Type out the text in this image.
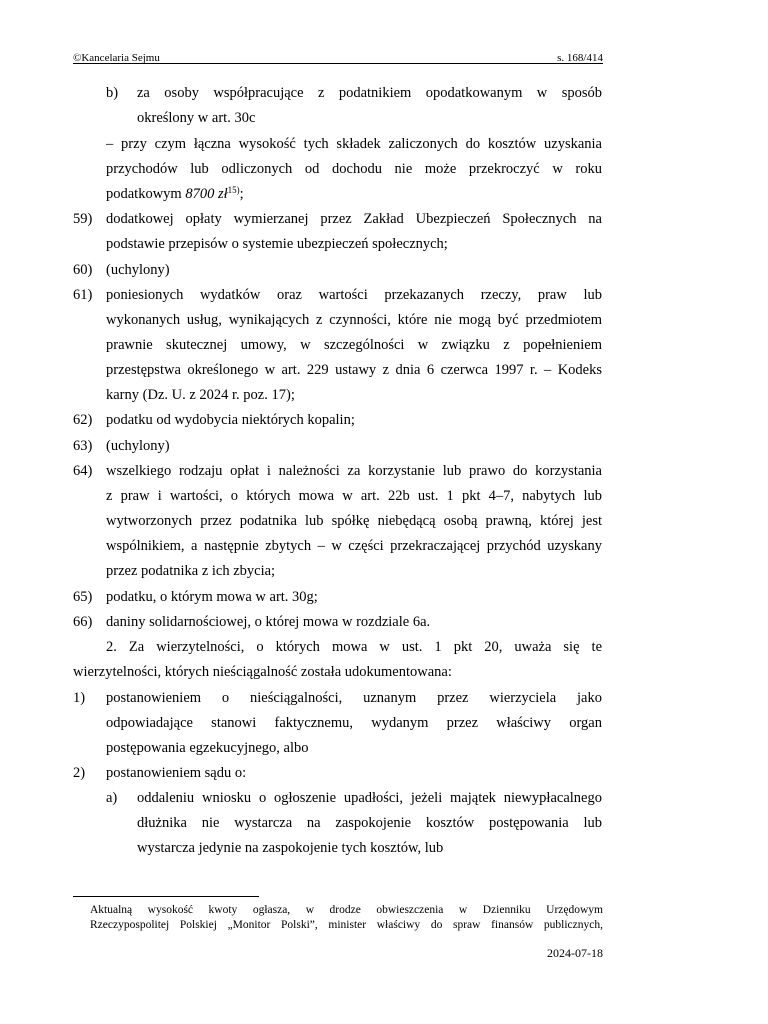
©Kancelaria Sejmu	s. 168/414
b) za osoby współpracujące z podatnikiem opodatkowanym w sposób
określony w art. 30c
– przy czym łączna wysokość tych składek zaliczonych do kosztów uzyskania
przychodów lub odliczonych od dochodu nie może przekroczyć w roku
podatkowym 8700 $zł^{15)}$;
59) dodatkowej opłaty wymierzanej przez Zakład Ubezpieczeń Społecznych na
podstawie przepisów o systemie ubezpieczeń społecznych;
60) (uchylony)
61) poniesionych wydatków oraz wartości przekazanych rzeczy, praw lub
wykonanych usług, wynikających z czynności, które nie mogą być przedmiotem
prawnie skutecznej umowy, w szczególności w związku z popełnieniem
przestępstwa określonego w art. 229 ustawy z dnia 6 czerwca 1997 r. – Kodeks
karny (Dz. U. z 2024 r. poz. 17);
62) podatku od wydobycia niektórych kopalin;
63) (uchylony)
64) wszelkiego rodzaju opłat i należności za korzystanie lub prawo do korzystania
z praw i wartości, o których mowa w art. 22b ust. 1 pkt 4–7, nabytych lub
wytworzonych przez podatnika lub spółkę niebędącą osobą prawną, której jest
wspólnikiem, a następnie zbytych – w części przekraczającej przychód uzyskany
przez podatnika z ich zbycia;
65) podatku, o którym mowa w art. 30g;
66) daniny solidarnościowej, o której mowa w rozdziale 6a.
2. Za wierzytelności, o których mowa w ust. 1 pkt 20, uważa się te
wierzytelności, których nieściągalność została udokumentowana:
1) postanowieniem o nieściągalności, uznanym przez wierzyciela jako
odpowiadające stanowi faktycznemu, wydanym przez właściwy organ
postępowania egzekucyjnego, albo
2) postanowieniem sądu o:
a) oddaleniu wniosku o ogłoszenie upadłości, jeżeli majątek niewypłacalnego
dłużnika nie wystarcza na zaspokojenie kosztów postępowania lub
wystarcza jedynie na zaspokojenie tych kosztów, lub
Aktualną wysokość kwoty ogłasza, w drodze obwieszczenia w Dzienniku Urzędowym
Rzeczypospolitej Polskiej „Monitor Polski”, minister właściwy do spraw finansów publicznych,
2024-07-18
